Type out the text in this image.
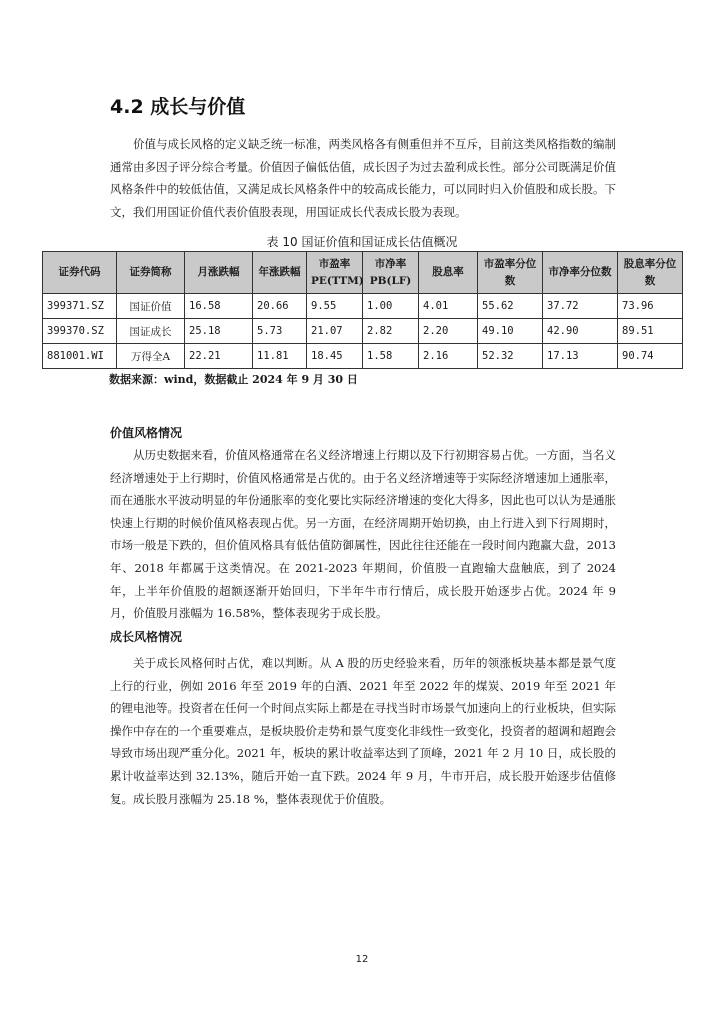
4.2 成长与价值

价值与成长风格的定义缺乏统一标准，两类风格各有侧重但并不互斥，目前这类风格指数的编制通常由多因子评分综合考量。价值因子偏低估值，成长因子为过去盈利成长性。部分公司既满足价值风格条件中的较低估值，又满足成长风格条件中的较高成长能力，可以同时归入价值股和成长股。下文，我们用国证价值代表价值股表现，用国证成长代表成长股为表现。

表 10 国证价值和国证成长估值概况
证券代码	证券简称	月涨跌幅	年涨跌幅	市盈率PE(TTM)	市净率PB(LF)	股息率	市盈率分位数	市净率分位数	股息率分位数
399371.SZ	国证价值	16.58	20.66	9.55	1.00	4.01	55.62	37.72	73.96
399370.SZ	国证成长	25.18	5.73	21.07	2.82	2.20	49.10	42.90	89.51
881001.WI	万得全A	22.21	11.81	18.45	1.58	2.16	52.32	17.13	90.74
数据来源：wind，数据截止 2024 年 9 月 30 日
价值风格情况

从历史数据来看，价值风格通常在名义经济增速上行期以及下行初期容易占优。一方面，当名义经济增速处于上行期时，价值风格通常是占优的。由于名义经济增速等于实际经济增速加上通胀率，而在通胀水平波动明显的年份通胀率的变化要比实际经济增速的变化大得多，因此也可以认为是通胀快速上行期的时候价值风格表现占优。另一方面，在经济周期开始切换，由上行进入到下行周期时，市场一般是下跌的，但价值风格具有低估值防御属性，因此往往还能在一段时间内跑赢大盘，2013 年、2018 年都属于这类情况。在 2021-2023 年期间，价值股一直跑输大盘触底，到了 2024 年，上半年价值股的超额逐渐开始回归，下半年牛市行情后，成长股开始逐步占优。2024 年 9 月，价值股月涨幅为 16.58%，整体表现劣于成长股。

成长风格情况

关于成长风格何时占优，难以判断。从 A 股的历史经验来看，历年的领涨板块基本都是景气度上行的行业，例如 2016 年至 2019 年的白酒、2021 年至 2022 年的煤炭、2019 年至 2021 年的锂电池等。投资者在任何一个时间点实际上都是在寻找当时市场景气加速向上的行业板块，但实际操作中存在的一个重要难点，是板块股价走势和景气度变化非线性一致变化，投资者的超调和超跑会导致市场出现严重分化。2021 年，板块的累计收益率达到了顶峰，2021 年 2 月 10 日，成长股的累计收益率达到 32.13%，随后开始一直下跌。2024 年 9 月，牛市开启，成长股开始逐步估值修复。成长股月涨幅为 25.18 %，整体表现优于价值股。

12
